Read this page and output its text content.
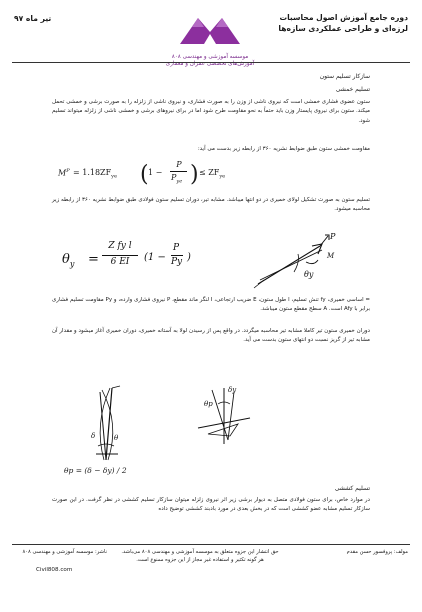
تیر ماه ۹۷
موسسه آموزشی و مهندسی ۸۰۸
آموزش‌های تخصصی عمران و معماری
دوره جامع آموزش اصول محاسبات
لرزه‌ای و طراحی عملکردی سازه‌ها
سازکار تسلیم ستون
تسلیم خمشی
ستون عضوی فشاری خمشی است که نیروی ناشی از وزن را به صورت فشاری، و نیروی ناشی از زلزله را به صورت برشی و خمشی تحمل میکند. ستون برای نیروی پایستار وزن باید حتماً به نحو مقاومت طرح شود اما در برای نیروهای برشی و خمشی ناشی از زلزله میتواند تسلیم شود.
مقاومت خمشی ستون طبق ضوابط نشریه ۳۶۰ از رابطه زیر بدست می آید:
$M^P = 1.18ZF_{ye}$ ( 1 −
P
$P_{ye}$ ) ≤ $ZF_{ye}$
تسلیم ستون به صورت تشکیل لولای خمیری در دو انتها میباشد. مشابه تیر، دوران تسلیم ستون فولادی طبق ضوابط نشریه ۳۶۰ از رابطه زیر محاسبه میشود.
$\theta_y$ =
Z fy l
6 EI	(1 −
P
Py )
P
M
θy
= اساسی خمیری، fy تنش تسلیم، l طول ستون، E ضریب ارتجاعی، I لنگر ماند مقطع، P نیروی فشاری وارده، و Py مقاومت تسلیم فشاری برابر با Afy است. A سطح مقطع ستون میباشد.
دوران خمیری ستون تیر کاملا مشابه تیر محاسبه میگردد. در واقع پس از رسیدن لولا به آستانه خمیری، دوران خمیری آغاز میشود و مقدار آن مشابه تیر از گریز نسبت دو انتهای ستون بدست می آید.
δ	θ
θp
δy
θp = (δ − δy) / 2
تسلیم کششی
در موارد خاص، برای ستون فولادی متصل به دیوار برشی زیر اثر نیروی زلزله میتوان سازکار تسلیم کششی در نظر گرفت. در این صورت سازکار تسلیم مشابه عضو کششی است که در بخش بعدی در مورد بادبند کششی توضیح داده
مولف: پروفسور حسن مقدم
حق انتشار این جزوه متعلق به موسسه آموزشی و مهندسی ۸۰۸ می‌باشد.
هر گونه تکثیر و استفاده غیر مجاز از این جزوه ممنوع است.
ناشر: موسسه آموزشی و مهندسی ۸۰۸
Civil808.com
